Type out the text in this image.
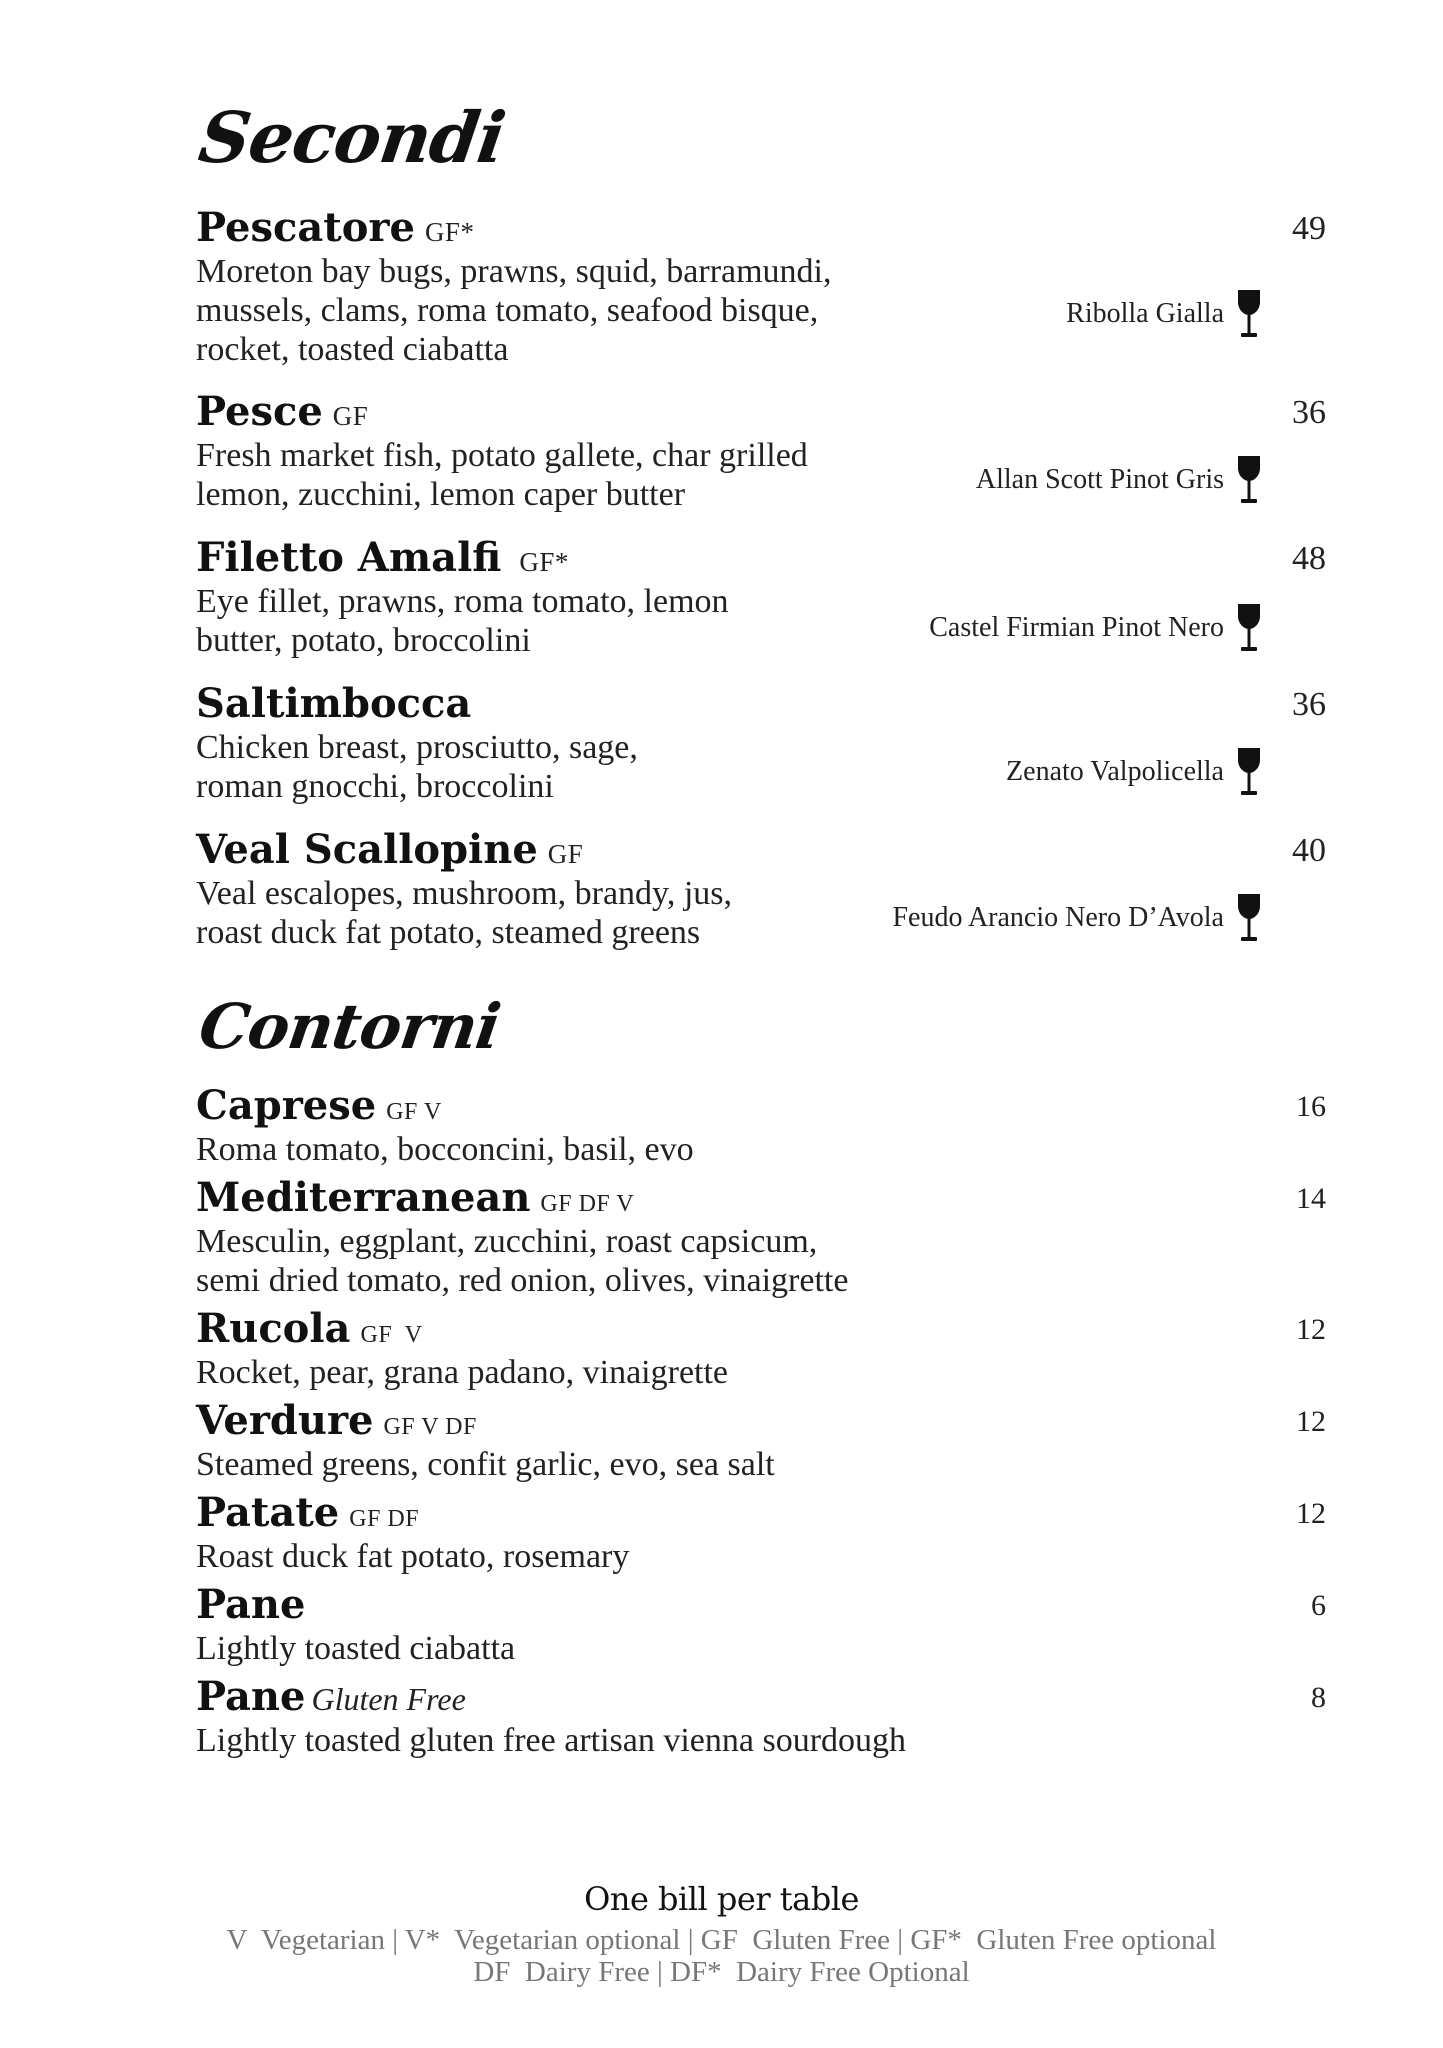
Secondi
Pescatore GF*	49
Moreton bay bugs, prawns, squid, barramundi,
mussels, clams, roma tomato, seafood bisque,
rocket, toasted ciabatta
Ribolla Gialla
Pesce GF	36
Fresh market fish, potato gallete, char grilled
lemon, zucchini, lemon caper butter	Allan Scott Pinot Gris
Filetto Amalfi GF*	48
Eye fillet, prawns, roma tomato, lemon
butter, potato, broccolini	Castel Firmian Pinot Nero
Saltimbocca	36
Chicken breast, prosciutto, sage,
roman gnocchi, broccolini	Zenato Valpolicella
Veal Scallopine GF	40
Veal escalopes, mushroom, brandy, jus,
roast duck fat potato, steamed greens	Feudo Arancio Nero D’Avola
Contorni
Caprese GF V	16
Roma tomato, bocconcini, basil, evo
Mediterranean GF DF V	14
Mesculin, eggplant, zucchini, roast capsicum,
semi dried tomato, red onion, olives, vinaigrette
Rucola GF  V	12
Rocket, pear, grana padano, vinaigrette
Verdure GF V DF	12
Steamed greens, confit garlic, evo, sea salt
Patate GF DF	12
Roast duck fat potato, rosemary
Pane	6
Lightly toasted ciabatta
Pane Gluten Free	8
Lightly toasted gluten free artisan vienna sourdough
One bill per table
V  Vegetarian | V*  Vegetarian optional | GF  Gluten Free | GF*  Gluten Free optional
DF  Dairy Free | DF*  Dairy Free Optional
